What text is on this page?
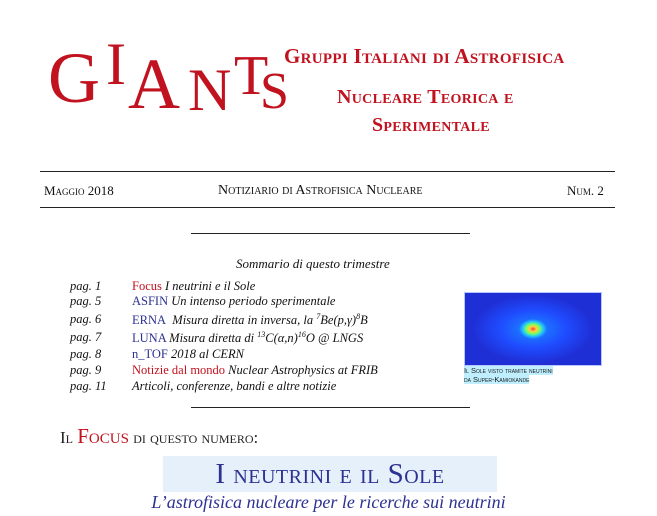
G I A N T
S
Gruppi Italiani di Astrofisica
Nucleare Teorica e
Sperimentale
Maggio 2018	Notiziario di Astrofisica Nucleare	Num. 2
Sommario di questo trimestre
pag. 1 Focus I neutrini e il Sole
pag. 5 ASFIN Un intenso periodo sperimentale
pag. 6 ERNA Misura diretta in inversa, la $^7Be(p,\gamma)^8B$
pag. 7 LUNA Misura diretta di $^{13}C(\alpha,n)^{16}O$ @ LNGS
pag. 8 n_TOF 2018 al CERN
pag. 9 Notizie dal mondo Nuclear Astrophysics at FRIB
pag. 11 Articoli, conferenze, bandi e altre notizie
Il Sole visto tramite neutrini
da Super-Kamiokande
Il Focus di questo numero:
I neutrini e il Sole
L’astrofisica nucleare per le ricerche sui neutrini
